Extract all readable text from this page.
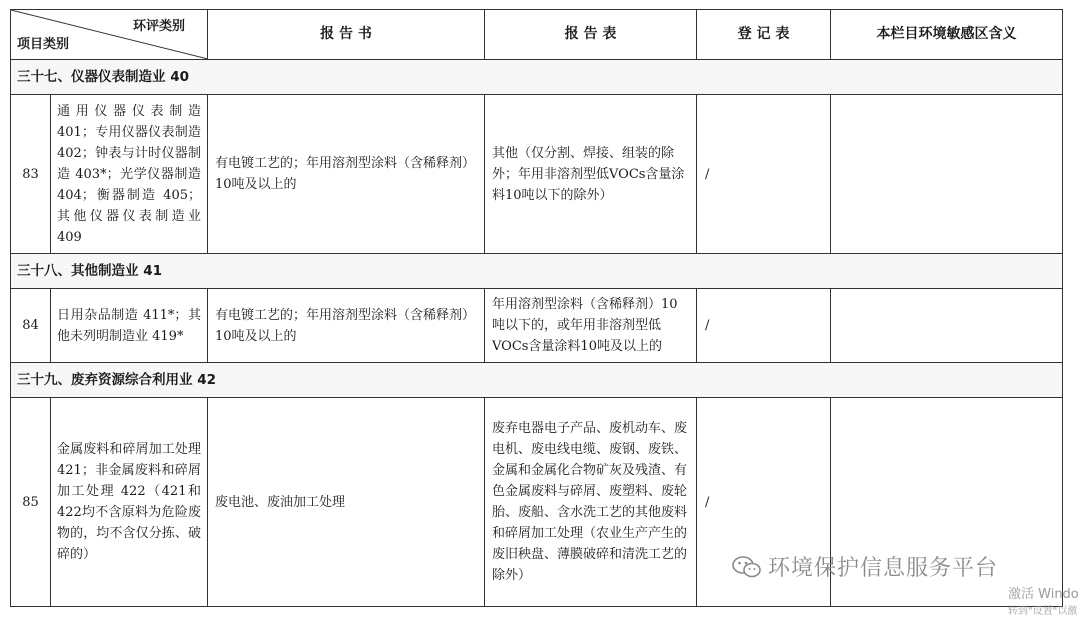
环评类别
项目类别		报 告 书	报 告 表	登 记 表	本栏目环境敏感区含义
三十七、仪器仪表制造业 40					
83	通用仪器仪表制造 401；专用仪器仪表制造 402；钟表与计时仪器制造 403*；光学仪器制造 404；衡器制造 405；其他仪器仪表制造业 409	有电镀工艺的；年用溶剂型涂料（含稀释剂）10吨及以上的	其他（仅分割、焊接、组装的除外；年用非溶剂型低VOCs含量涂料10吨以下的除外）	/	
三十八、其他制造业 41					
84	日用杂品制造 411*；其他未列明制造业 419*	有电镀工艺的；年用溶剂型涂料（含稀释剂）10吨及以上的	年用溶剂型涂料（含稀释剂）10吨以下的，或年用非溶剂型低VOCs含量涂料10吨及以上的	/	
三十九、废弃资源综合利用业 42					
85	金属废料和碎屑加工处理 421；非金属废料和碎屑加工处理 422（421和422均不含原料为危险废物的，均不含仅分拣、破碎的）	废电池、废油加工处理	废弃电器电子产品、废机动车、废电机、废电线电缆、废钢、废铁、金属和金属化合物矿灰及残渣、有色金属废料与碎屑、废塑料、废轮胎、废船、含水洗工艺的其他废料和碎屑加工处理（农业生产产生的废旧秧盘、薄膜破碎和清洗工艺的除外）	/	
环境保护信息服务平台
激活 Windo
转到"设置"以激
